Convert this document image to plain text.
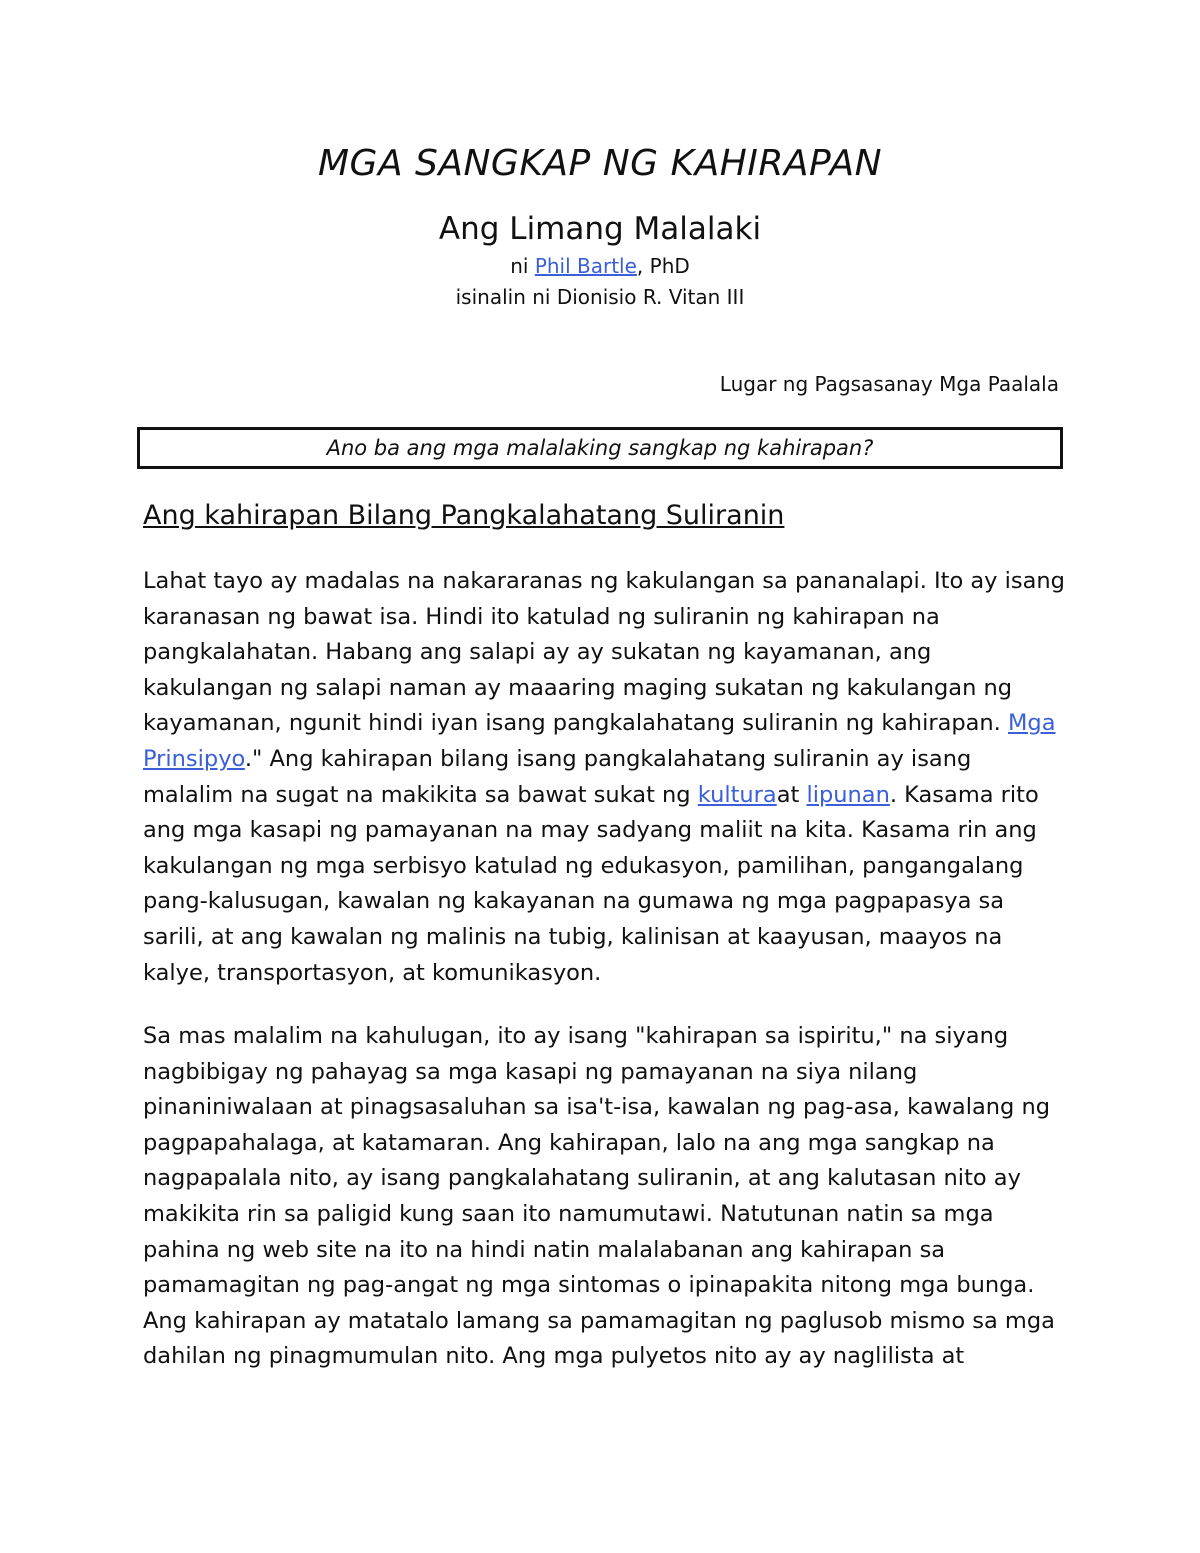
MGA SANGKAP NG KAHIRAPAN
Ang Limang Malalaki
ni Phil Bartle, PhD
isinalin ni Dionisio R. Vitan III
Lugar ng Pagsasanay Mga Paalala
Ano ba ang mga malalaking sangkap ng kahirapan?
Ang kahirapan Bilang Pangkalahatang Suliranin

Lahat tayo ay madalas na nakararanas ng kakulangan sa pananalapi. Ito ay isang karanasan ng bawat isa. Hindi ito katulad ng suliranin ng kahirapan na pangkalahatan. Habang ang salapi ay ay sukatan ng kayamanan, ang kakulangan ng salapi naman ay maaaring maging sukatan ng kakulangan ng kayamanan, ngunit hindi iyan isang pangkalahatang suliranin ng kahirapan. Mga Prinsipyo." Ang kahirapan bilang isang pangkalahatang suliranin ay isang malalim na sugat na makikita sa bawat sukat ng kulturaat lipunan. Kasama rito ang mga kasapi ng pamayanan na may sadyang maliit na kita. Kasama rin ang kakulangan ng mga serbisyo katulad ng edukasyon, pamilihan, pangangalang pang-kalusugan, kawalan ng kakayanan na gumawa ng mga pagpapasya sa sarili, at ang kawalan ng malinis na tubig, kalinisan at kaayusan, maayos na kalye, transportasyon, at komunikasyon.

Sa mas malalim na kahulugan, ito ay isang "kahirapan sa ispiritu," na siyang nagbibigay ng pahayag sa mga kasapi ng pamayanan na siya nilang pinaniniwalaan at pinagsasaluhan sa isa't-isa, kawalan ng pag-asa, kawalang ng pagpapahalaga, at katamaran. Ang kahirapan, lalo na ang mga sangkap na nagpapalala nito, ay isang pangkalahatang suliranin, at ang kalutasan nito ay makikita rin sa paligid kung saan ito namumutawi. Natutunan natin sa mga pahina ng web site na ito na hindi natin malalabanan ang kahirapan sa pamamagitan ng pag-angat ng mga sintomas o ipinapakita nitong mga bunga. Ang kahirapan ay matatalo lamang sa pamamagitan ng paglusob mismo sa mga dahilan ng pinagmumulan nito. Ang mga pulyetos nito ay ay naglilista at
